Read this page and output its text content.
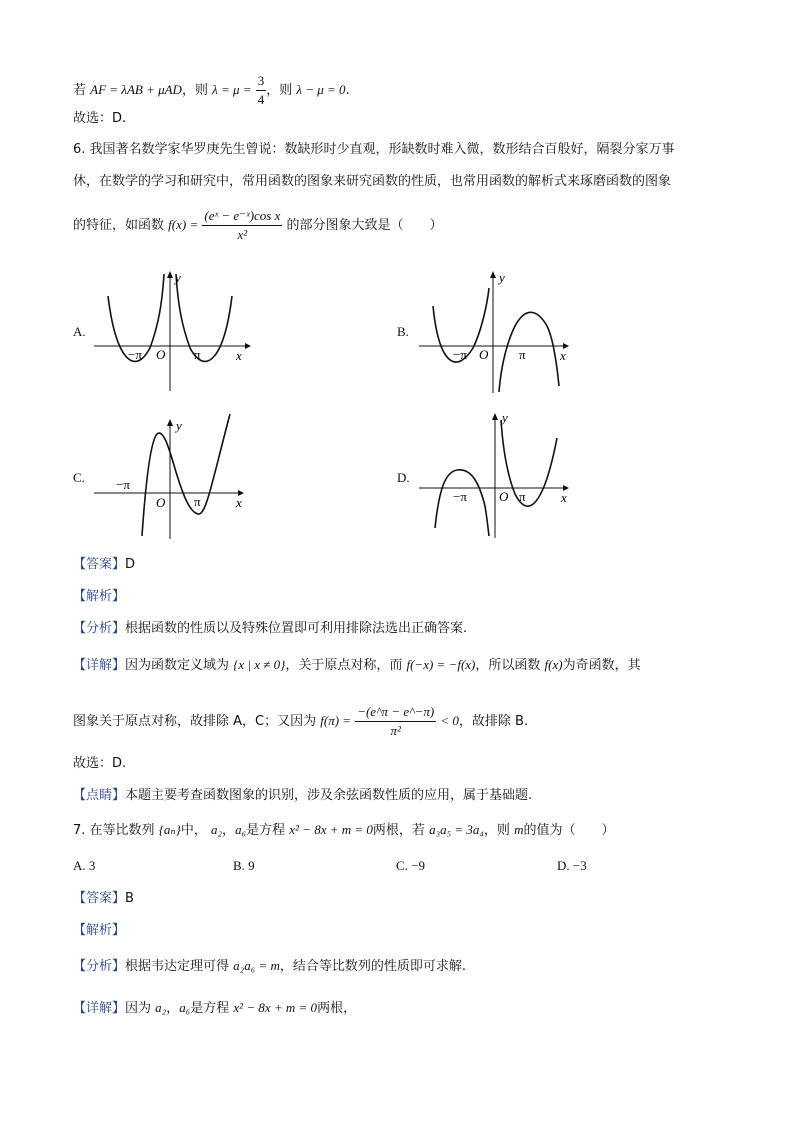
若 AF = λAB + μAD，则 $\lambda = \mu = \frac{3}{4}$ ，则 λ − μ = 0.
故选：D.
6. 我国著名数学家华罗庚先生曾说：数缺形时少直观，形缺数时难入微，数形结合百般好，隔裂分家万事
休，在数学的学习和研究中，常用函数的图象来研究函数的性质，也常用函数的解析式来琢磨函数的图象
的特征，如函数 $f(x) = \frac{\text{(eˣ − e⁻ˣ)cos x}}{\text{x²}}$ 的部分图象大致是（　　）
A.
−π O π	x
y
B.
−π O π	x
y
C. −π
O π	x
y
D.
−π O π	x
y
【答案】D
【解析】
【分析】根据函数的性质以及特殊位置即可利用排除法选出正确答案.
【详解】因为函数定义域为 {x | x ≠ 0}，关于原点对称，而 f(−x) = −f(x)，所以函数 f(x)为奇函数，其
图象关于原点对称，故排除 A，C；又因为 $f(\pi) = \frac{-(e\^{}\pi - e\^{}-\pi)}{\text{π²}} < 0$，故排除 B.
故选：D.
【点睛】本题主要考查函数图象的识别，涉及余弦函数性质的应用，属于基础题.
7. 在等比数列 {aₙ}中， a₂，a₆是方程 x² − 8x + m = 0两根，若 a₃a₅ = 3a₄，则 m的值为（　　）
A. 3	B. 9	C. −9	D. −3
【答案】B
【解析】
【分析】根据韦达定理可得 a₂a₆ = m，结合等比数列的性质即可求解.
【详解】因为 a₂，a₆是方程 x² − 8x + m = 0两根，
